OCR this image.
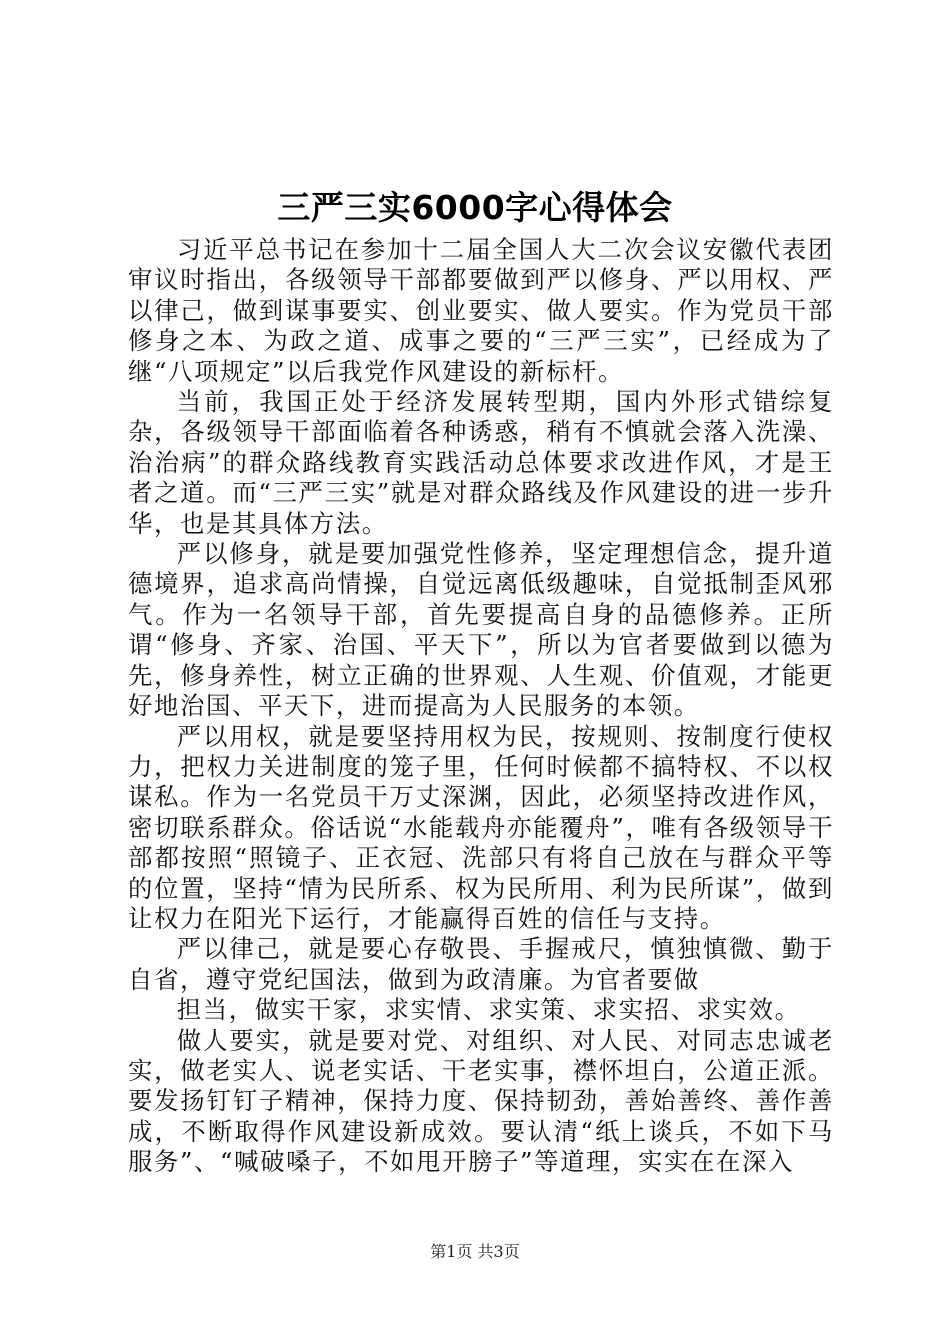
三严三实6000字心得体会

习近平总书记在参加十二届全国人大二次会议安徽代表团审议时指出，各级领导干部都要做到严以修身、严以用权、严以律己，做到谋事要实、创业要实、做人要实。作为党员干部修身之本、为政之道、成事之要的“三严三实”，已经成为了继“八项规定”以后我党作风建设的新标杆。

当前，我国正处于经济发展转型期，国内外形式错综复杂，各级领导干部面临着各种诱惑，稍有不慎就会落入洗澡、治治病”的群众路线教育实践活动总体要求改进作风，才是王者之道。而“三严三实”就是对群众路线及作风建设的进一步升华，也是其具体方法。

严以修身，就是要加强党性修养，坚定理想信念，提升道德境界，追求高尚情操，自觉远离低级趣味，自觉抵制歪风邪气。作为一名领导干部，首先要提高自身的品德修养。正所谓“修身、齐家、治国、平天下”，所以为官者要做到以德为先，修身养性，树立正确的世界观、人生观、价值观，才能更好地治国、平天下，进而提高为人民服务的本领。

严以用权，就是要坚持用权为民，按规则、按制度行使权力，把权力关进制度的笼子里，任何时候都不搞特权、不以权谋私。作为一名党员干万丈深渊，因此，必须坚持改进作风，密切联系群众。俗话说“水能载舟亦能覆舟”，唯有各级领导干部都按照“照镜子、正衣冠、洗部只有将自己放在与群众平等的位置，坚持“情为民所系、权为民所用、利为民所谋”，做到让权力在阳光下运行，才能赢得百姓的信任与支持。

严以律己，就是要心存敬畏、手握戒尺，慎独慎微、勤于自省，遵守党纪国法，做到为政清廉。为官者要做

担当，做实干家，求实情、求实策、求实招、求实效。

做人要实，就是要对党、对组织、对人民、对同志忠诚老实，做老实人、说老实话、干老实事，襟怀坦白，公道正派。要发扬钉钉子精神，保持力度、保持韧劲，善始善终、善作善成，不断取得作风建设新成效。要认清“纸上谈兵，不如下马服务”、“喊破嗓子，不如甩开膀子”等道理，实实在在深入

第1页 共3页
